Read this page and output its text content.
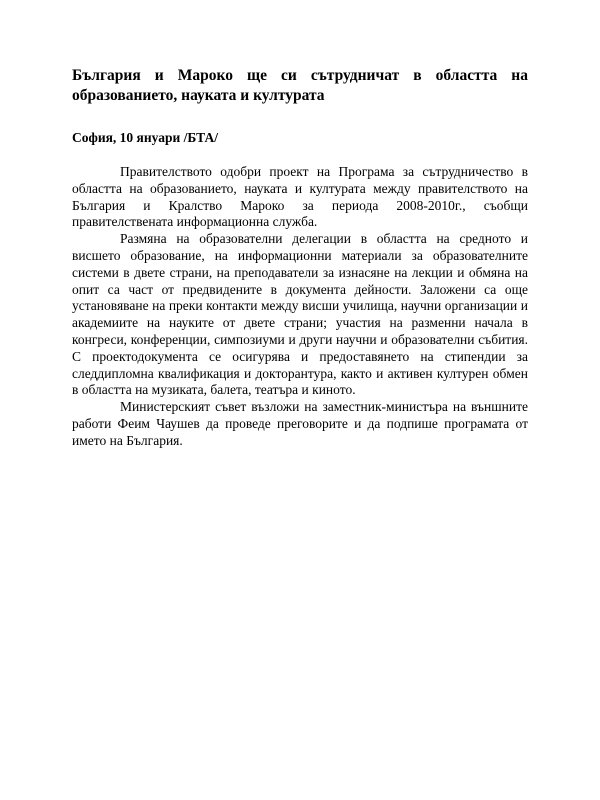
България и Мароко ще си сътрудничат в областта на образованието, науката и културата
София, 10 януари /БТА/

Правителството одобри проект на Програма за сътрудничество в областта на образованието, науката и културата между правителството на България и Кралство Мароко за периода 2008-2010г., съобщи правителствената информационна служба.

Размяна на образователни делегации в областта на средното и висшето образование, на информационни материали за образователните системи в двете страни, на преподаватели за изнасяне на лекции и обмяна на опит са част от предвидените в документа дейности. Заложени са още установяване на преки контакти между висши училища, научни организации и академиите на науките от двете страни; участия на разменни начала в конгреси, конференции, симпозиуми и други научни и образователни събития. С проектодокумента се осигурява и предоставянето на стипендии за следдипломна квалификация и докторантура, както и активен културен обмен в областта на музиката, балета, театъра и киното.

Министерският съвет възложи на заместник-министъра на външните работи Феим Чаушев да проведе преговорите и да подпише програмата от името на България.
